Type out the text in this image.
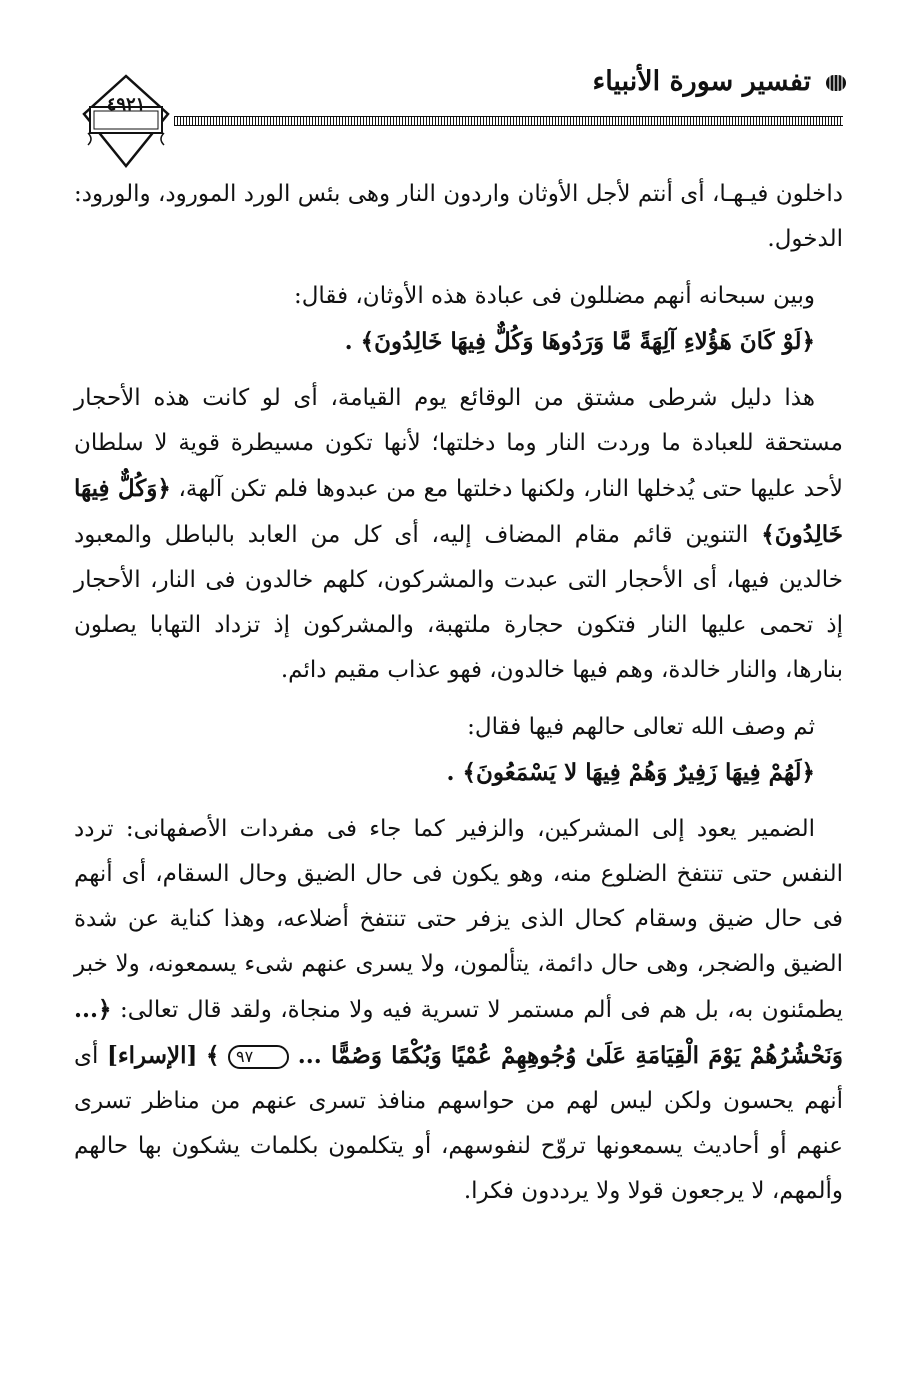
تفسير سورة الأنبياء
٤٩٢١

داخلون فيـهـا، أى أنتم لأجل الأوثان واردون النار وهى بئس الورد المورود، والورود: الدخول.

وبين سبحانه أنهم مضللون فى عبادة هذه الأوثان، فقال:

﴿لَوْ كَانَ هَؤُلاءِ آلِهَةً مَّا وَرَدُوهَا وَكُلٌّ فِيهَا خَالِدُونَ﴾ .

هذا دليل شرطى مشتق من الوقائع يوم القيامة، أى لو كانت هذه الأحجار مستحقة للعبادة ما وردت النار وما دخلتها؛ لأنها تكون مسيطرة قوية لا سلطان لأحد عليها حتى يُدخلها النار، ولكنها دخلتها مع من عبدوها فلم تكن آلهة، ﴿وَكُلٌّ فِيهَا خَالِدُونَ﴾ التنوين قائم مقام المضاف إليه، أى كل من العابد بالباطل والمعبود خالدين فيها، أى الأحجار التى عبدت والمشركون، كلهم خالدون فى النار، الأحجار إذ تحمى عليها النار فتكون حجارة ملتهبة، والمشركون إذ تزداد التهابا يصلون بنارها، والنار خالدة، وهم فيها خالدون، فهو عذاب مقيم دائم.

ثم وصف الله تعالى حالهم فيها فقال:

﴿لَهُمْ فِيهَا زَفِيرٌ وَهُمْ فِيهَا لا يَسْمَعُونَ﴾ .

الضمير يعود إلى المشركين، والزفير كما جاء فى مفردات الأصفهانى: تردد النفس حتى تنتفخ الضلوع منه، وهو يكون فى حال الضيق وحال السقام، أى أنهم فى حال ضيق وسقام كحال الذى يزفر حتى تنتفخ أضلاعه، وهذا كناية عن شدة الضيق والضجر، وهى حال دائمة، يتألمون، ولا يسرى عنهم شىء يسمعونه، ولا خبر يطمئنون به، بل هم فى ألم مستمر لا تسرية فيه ولا منجاة، ولقد قال تعالى: ﴿... وَنَحْشُرُهُمْ يَوْمَ الْقِيَامَةِ عَلَىٰ وُجُوهِهِمْ عُمْيًا وَبُكْمًا وَصُمًّا ... ٩٧ ﴾ [الإسراء] أى أنهم يحسون ولكن ليس لهم من حواسهم منافذ تسرى عنهم من مناظر تسرى عنهم أو أحاديث يسمعونها تروّح لنفوسهم، أو يتكلمون بكلمات يشكون بها حالهم وألمهم، لا يرجعون قولا ولا يرددون فكرا.
